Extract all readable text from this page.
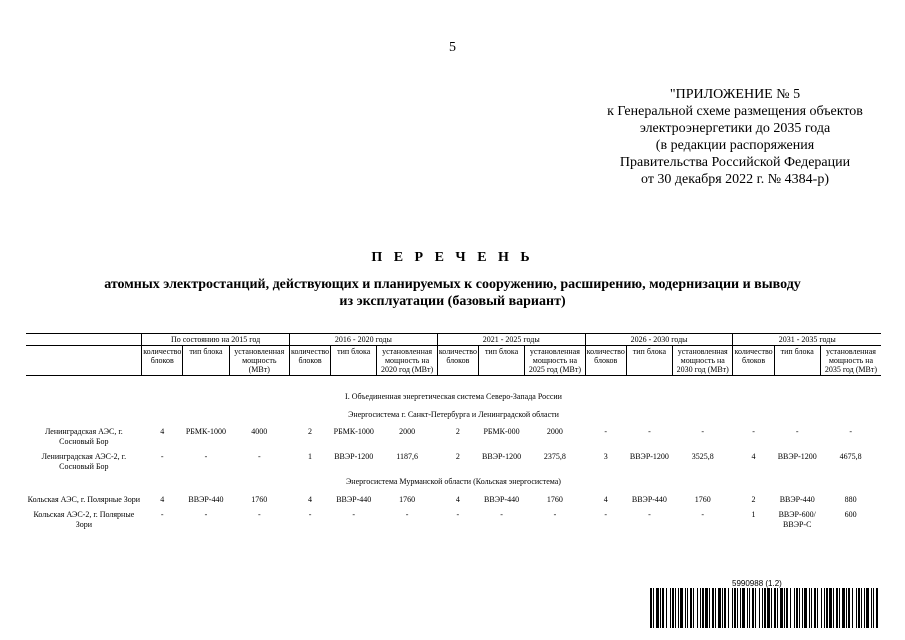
5
"ПРИЛОЖЕНИЕ № 5
к Генеральной схеме размещения объектов
электроэнергетики до 2035 года
(в редакции распоряжения
Правительства Российской Федерации
от 30 декабря 2022 г. № 4384-р)
П Е Р Е Ч Е Н Ь
атомных электростанций, действующих и планируемых к сооружению, расширению, модернизации и выводу
из эксплуатации (базовый вариант)
	По состоянию на 2015 год			2016 - 2020 годы			2021 - 2025 годы			2026 - 2030 годы			2031 - 2035 годы		
	количество блоков	тип блока	установленная мощность (МВт)	количество блоков	тип блока	установленная мощность на 2020 год (МВт)	количество блоков	тип блока	установленная мощность на 2025 год (МВт)	количество блоков	тип блока	установленная мощность на 2030 год (МВт)	количество блоков	тип блока	установленная мощность на 2035 год (МВт)

I. Объединенная энергетическая система Северо-Запада России															
Энергосистема г. Санкт-Петербурга и Ленинградской области															
Ленинградская АЭС, г. Сосновый Бор	4	РБМК-1000	4000	2	РБМК-1000	2000	2	РБМК-000	2000	-	-	-	-	-	-
Ленинградская АЭС-2, г. Сосновый Бор	-	-	-	1	ВВЭР-1200	1187,6	2	ВВЭР-1200	2375,8	3	ВВЭР-1200	3525,8	4	ВВЭР-1200	4675,8
Энергосистема Мурманской области (Кольская энергосистема)															
Кольская АЭС, г. Полярные Зори	4	ВВЭР-440	1760	4	ВВЭР-440	1760	4	ВВЭР-440	1760	4	ВВЭР-440	1760	2	ВВЭР-440	880
Кольская АЭС-2, г. Полярные Зори	-	-	-	-	-	-	-	-	-	-	-	-	1	ВВЭР-600/ ВВЭР-С	600
5990988 (1.2)
